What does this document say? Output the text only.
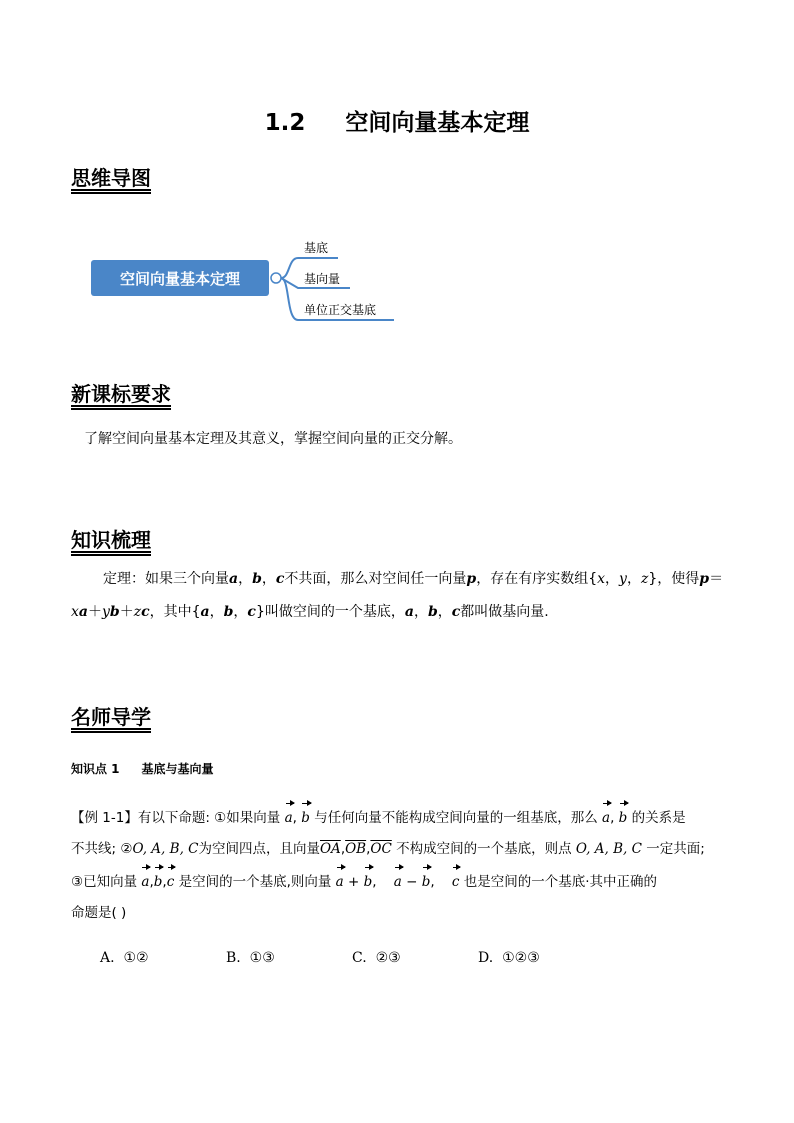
1.2 空间向量基本定理
思维导图
空间向量基本定理
基底
基向量
单位正交基底
新课标要求
了解空间向量基本定理及其意义，掌握空间向量的正交分解。
知识梳理
定理：如果三个向量a，b，c不共面，那么对空间任一向量p，存在有序实数组{x，y，z}，使得p＝xa＋yb＋zc，其中{a，b，c}叫做空间的一个基底，a，b，c都叫做基向量.
名师导学
知识点 1 基底与基向量
【例 1-1】有以下命题: ①如果向量 a, b 与任何向量不能构成空间向量的一组基底，那么 a, b 的关系是
不共线; ②O, A, B, C为空间四点，且向量$\overline{OA},\overline{OB},\overline{OC}$ 不构成空间的一个基底，则点 O, A, B, C 一定共面;
③已知向量 a,b,c 是空间的一个基底,则向量 a + b, a − b, c 也是空间的一个基底·其中正确的
命题是( )
A. ①②	B. ①③	C. ②③	D. ①②③
